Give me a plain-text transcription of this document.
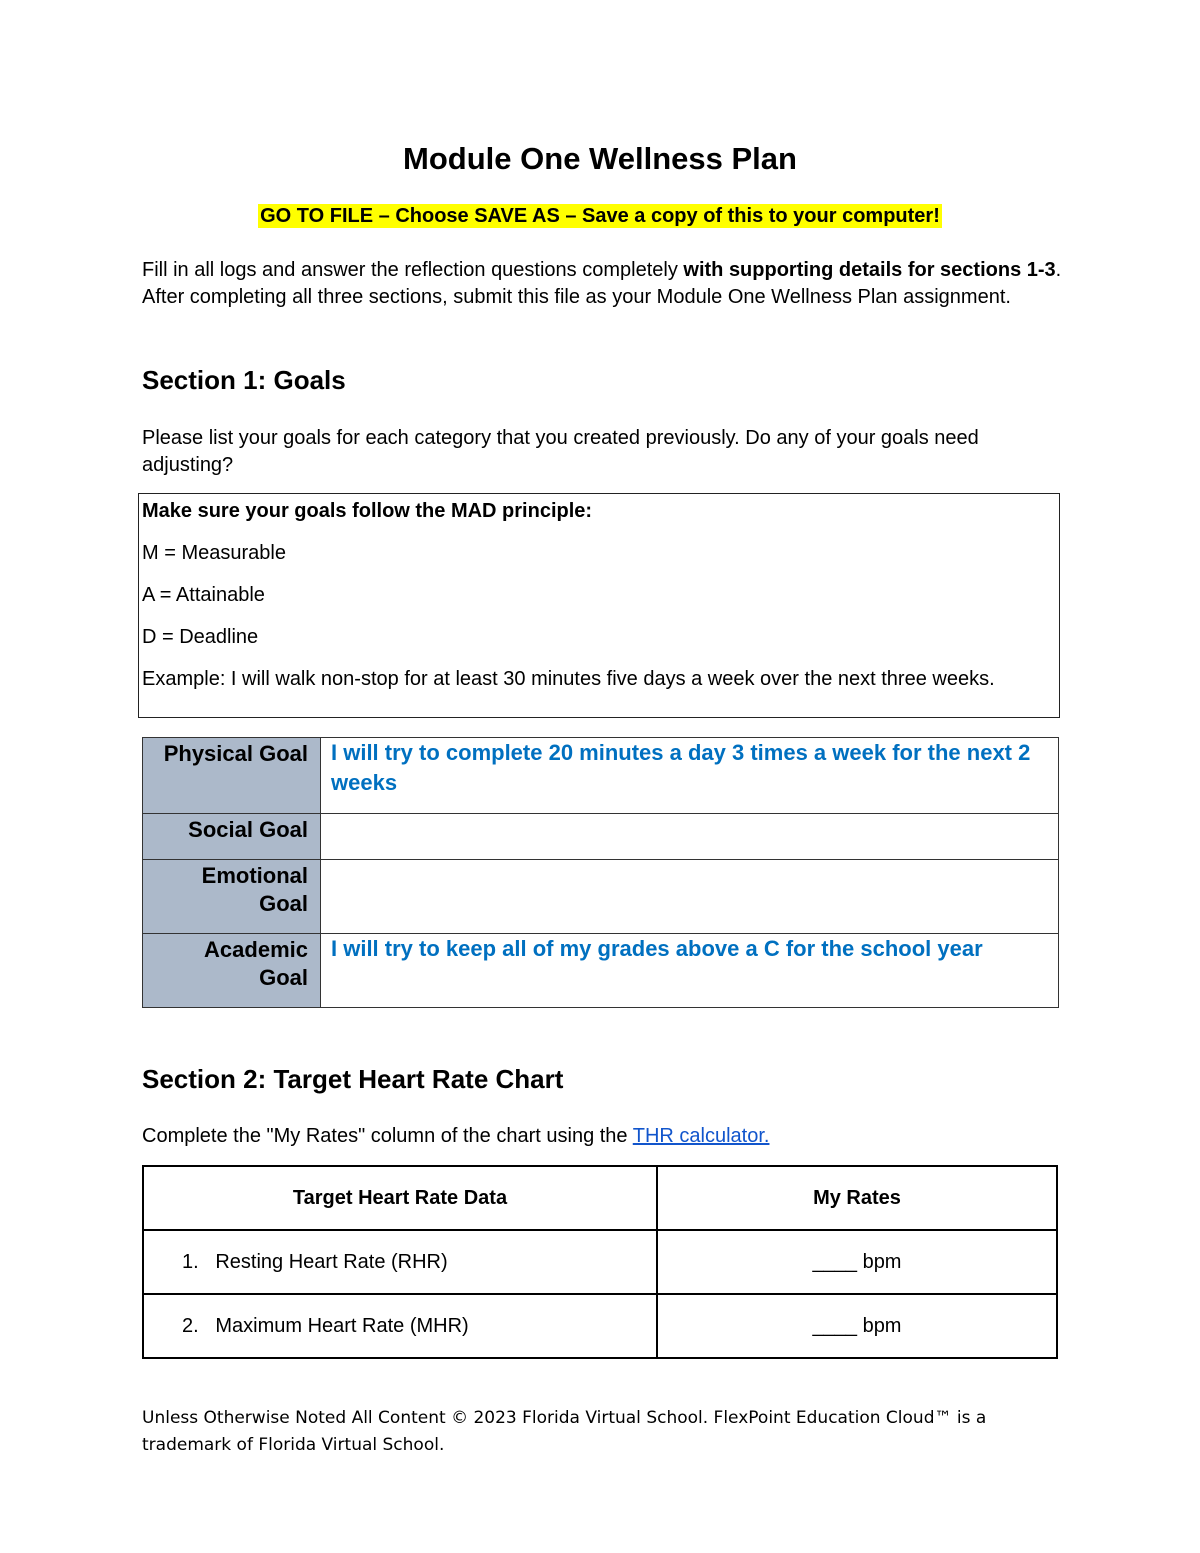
Module One Wellness Plan
GO TO FILE – Choose SAVE AS – Save a copy of this to your computer!

Fill in all logs and answer the reflection questions completely with supporting details for sections 1-3. After completing all three sections, submit this file as your Module One Wellness Plan assignment.

Section 1: Goals

Please list your goals for each category that you created previously. Do any of your goals need adjusting?

Make sure your goals follow the MAD principle:

M = Measurable

A = Attainable

D = Deadline

Example: I will walk non-stop for at least 30 minutes five days a week over the next three weeks.

Physical Goal	I will try to complete 20 minutes a day 3 times a week for the next 2 weeks
Social Goal	
Emotional Goal	
Academic Goal	I will try to keep all of my grades above a C for the school year
Section 2: Target Heart Rate Chart

Complete the "My Rates" column of the chart using the THR calculator.

Target Heart Rate Data	My Rates
1. Resting Heart Rate (RHR)	____ bpm
2. Maximum Heart Rate (MHR)	____ bpm

Unless Otherwise Noted All Content © 2023 Florida Virtual School. FlexPoint Education Cloud™ is a trademark of Florida Virtual School.
